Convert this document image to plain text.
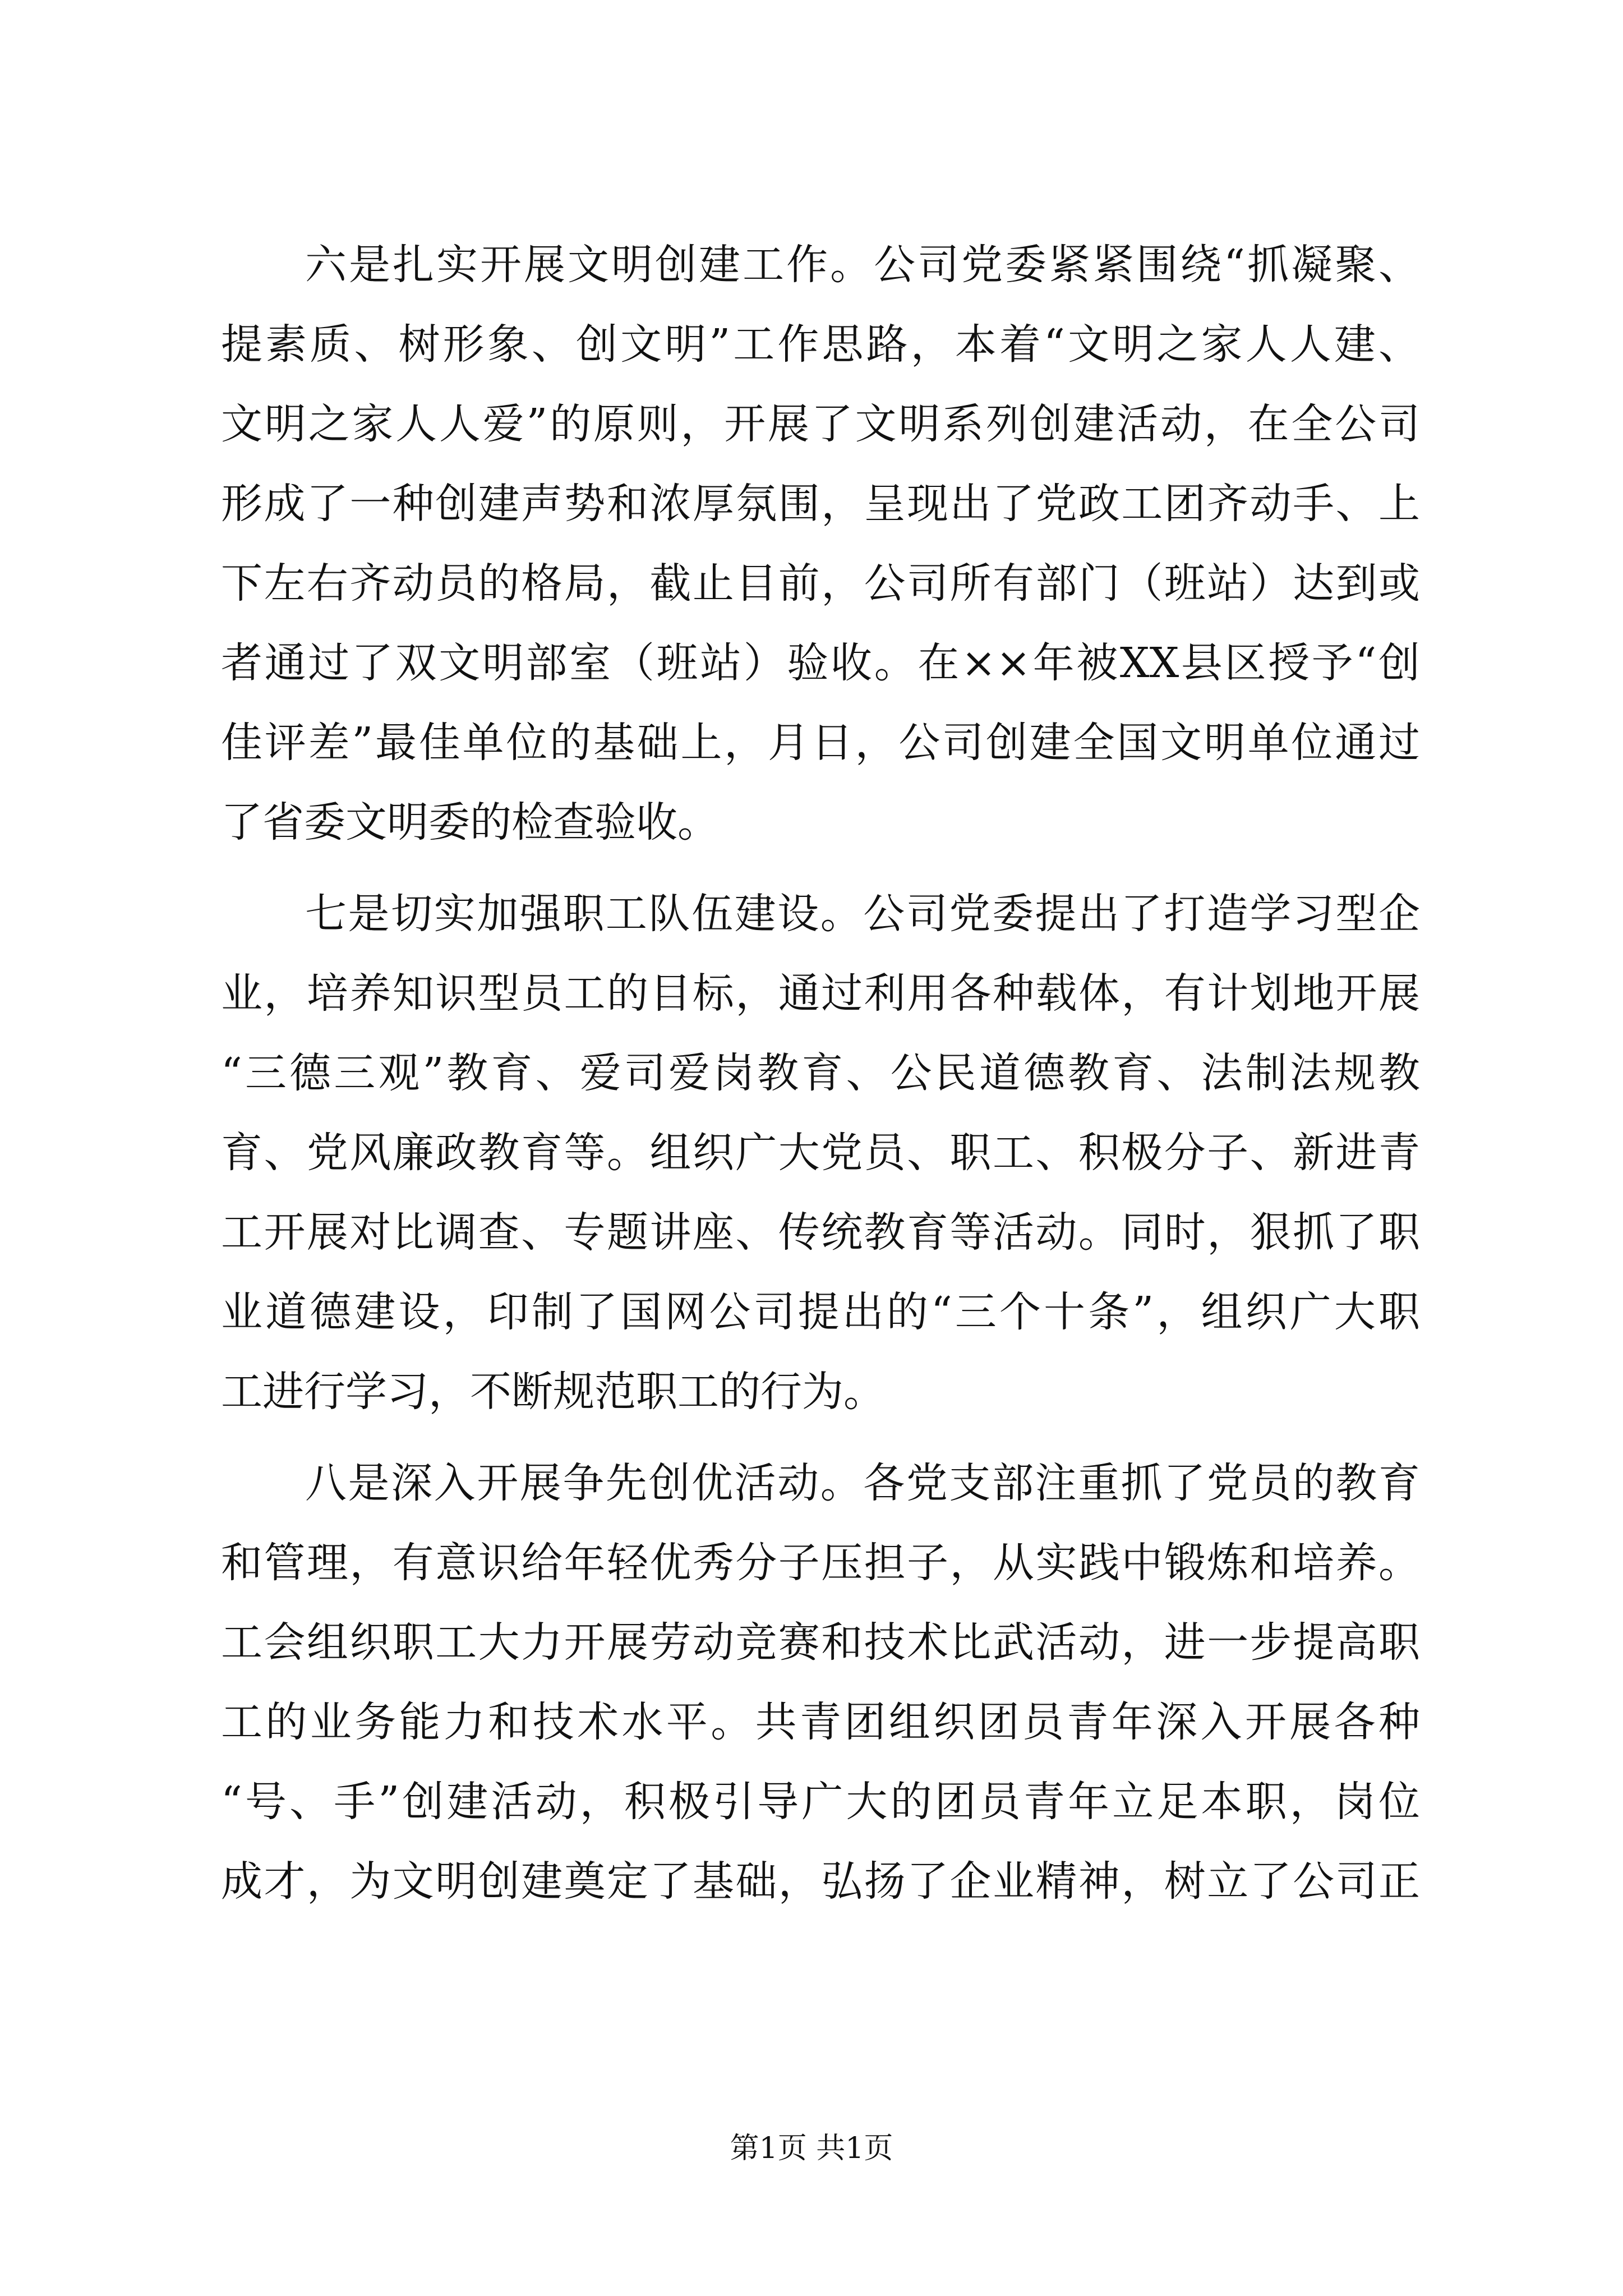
六是扎实开展文明创建工作。公司党委紧紧围绕“抓凝聚、
提素质、树形象、创文明”工作思路，本着“文明之家人人建、
文明之家人人爱”的原则，开展了文明系列创建活动，在全公司
形成了一种创建声势和浓厚氛围，呈现出了党政工团齐动手、上
下左右齐动员的格局，截止目前，公司所有部门（班站）达到或
者通过了双文明部室（班站）验收。在××年被XX县区授予“创
佳评差”最佳单位的基础上，月日，公司创建全国文明单位通过
了省委文明委的检查验收。
七是切实加强职工队伍建设。公司党委提出了打造学习型企
业，培养知识型员工的目标，通过利用各种载体，有计划地开展
“三德三观”教育、爱司爱岗教育、公民道德教育、法制法规教
育、党风廉政教育等。组织广大党员、职工、积极分子、新进青
工开展对比调查、专题讲座、传统教育等活动。同时，狠抓了职
业道德建设，印制了国网公司提出的“三个十条”，组织广大职
工进行学习，不断规范职工的行为。
八是深入开展争先创优活动。各党支部注重抓了党员的教育
和管理，有意识给年轻优秀分子压担子，从实践中锻炼和培养。
工会组织职工大力开展劳动竞赛和技术比武活动，进一步提高职
工的业务能力和技术水平。共青团组织团员青年深入开展各种
“号、手”创建活动，积极引导广大的团员青年立足本职，岗位
成才，为文明创建奠定了基础，弘扬了企业精神，树立了公司正
第1页 共1页
